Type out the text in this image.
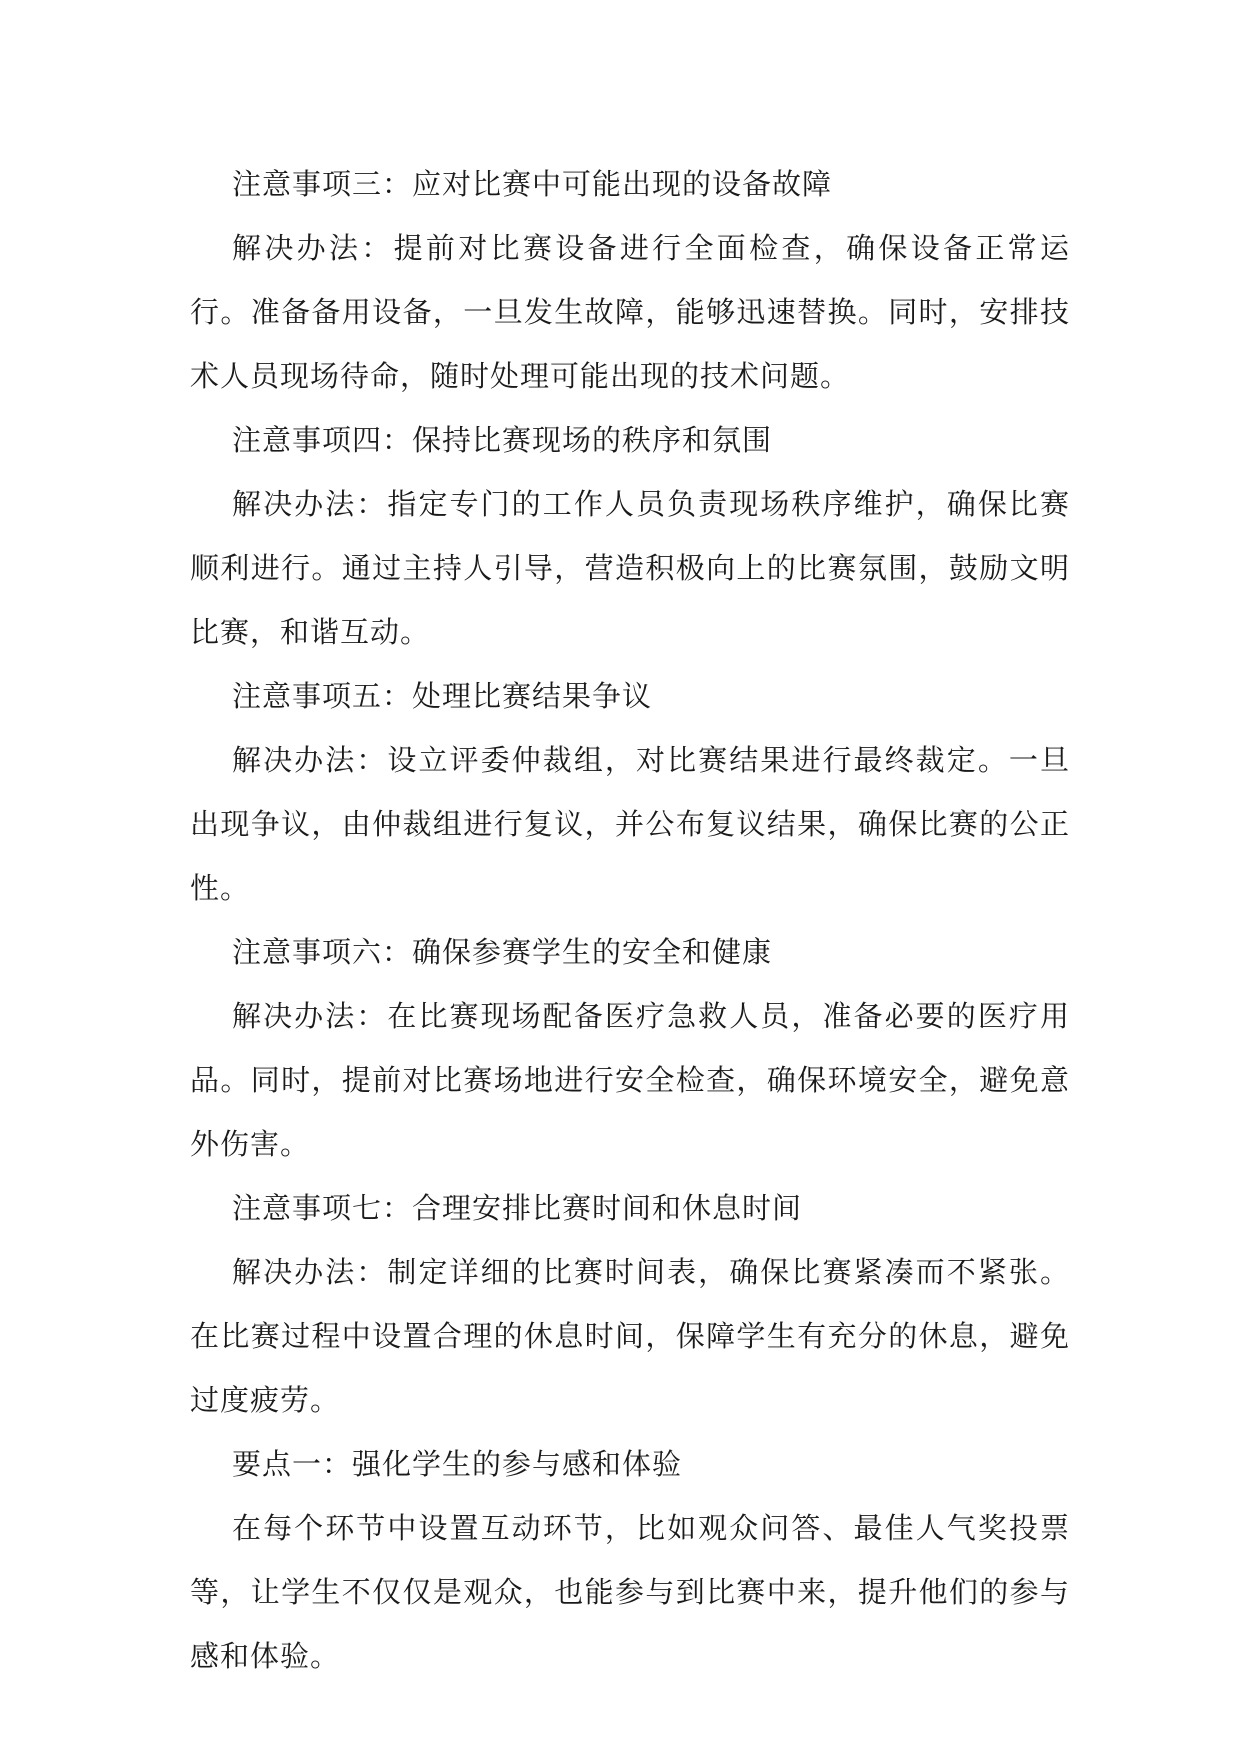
注意事项三：应对比赛中可能出现的设备故障

解决办法：提前对比赛设备进行全面检查，确保设备正常运行。准备备用设备，一旦发生故障，能够迅速替换。同时，安排技术人员现场待命，随时处理可能出现的技术问题。

注意事项四：保持比赛现场的秩序和氛围

解决办法：指定专门的工作人员负责现场秩序维护，确保比赛顺利进行。通过主持人引导，营造积极向上的比赛氛围，鼓励文明比赛，和谐互动。

注意事项五：处理比赛结果争议

解决办法：设立评委仲裁组，对比赛结果进行最终裁定。一旦出现争议，由仲裁组进行复议，并公布复议结果，确保比赛的公正性。

注意事项六：确保参赛学生的安全和健康

解决办法：在比赛现场配备医疗急救人员，准备必要的医疗用品。同时，提前对比赛场地进行安全检查，确保环境安全，避免意外伤害。

注意事项七：合理安排比赛时间和休息时间

解决办法：制定详细的比赛时间表，确保比赛紧凑而不紧张。在比赛过程中设置合理的休息时间，保障学生有充分的休息，避免过度疲劳。

要点一：强化学生的参与感和体验

在每个环节中设置互动环节，比如观众问答、最佳人气奖投票等，让学生不仅仅是观众，也能参与到比赛中来，提升他们的参与感和体验。
